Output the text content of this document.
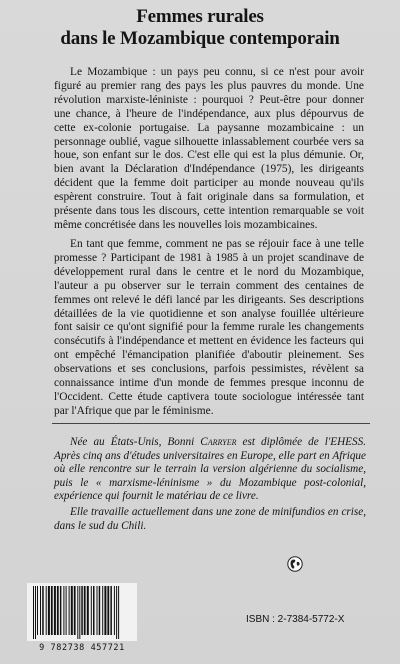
Femmes rurales
dans le Mozambique contemporain

Le Mozambique : un pays peu connu, si ce n'est pour avoir figuré au premier rang des pays les plus pauvres du monde. Une révolution marxiste-léniniste : pourquoi ? Peut-être pour donner une chance, à l'heure de l'indépendance, aux plus dépourvus de cette ex-colonie portugaise. La paysanne mozambicaine : un personnage oublié, vague silhouette inlassablement courbée vers sa houe, son enfant sur le dos. C'est elle qui est la plus démunie. Or, bien avant la Déclaration d'Indépendance (1975), les dirigeants décident que la femme doit participer au monde nouveau qu'ils espèrent construire. Tout à fait originale dans sa formulation, et présente dans tous les discours, cette intention remarquable se voit même concrétisée dans les nouvelles lois mozambicaines.

En tant que femme, comment ne pas se réjouir face à une telle promesse ? Participant de 1981 à 1985 à un projet scandinave de développement rural dans le centre et le nord du Mozambique, l'auteur a pu observer sur le terrain comment des centaines de femmes ont relevé le défi lancé par les dirigeants. Ses descriptions détaillées de la vie quotidienne et son analyse fouillée ultérieure font saisir ce qu'ont signifié pour la femme rurale les changements consécutifs à l'indépendance et mettent en évidence les facteurs qui ont empêché l'émancipation planifiée d'aboutir pleinement. Ses observations et ses conclusions, parfois pessimistes, révèlent sa connaissance intime d'un monde de femmes presque inconnu de l'Occident. Cette étude captivera toute sociologue intéressée tant par l'Afrique que par le féminisme.

Née au États-Unis, Bonni Carryer est diplômée de l'EHESS. Après cinq ans d'études universitaires en Europe, elle part en Afrique où elle rencontre sur le terrain la version algérienne du socialisme, puis le « marxisme-léninisme » du Mozambique post-colonial, expérience qui fournit le matériau de ce livre.

Elle travaille actuellement dans une zone de minifundios en crise, dans le sud du Chili.

9 782738 457721
ISBN : 2-7384-5772-X
